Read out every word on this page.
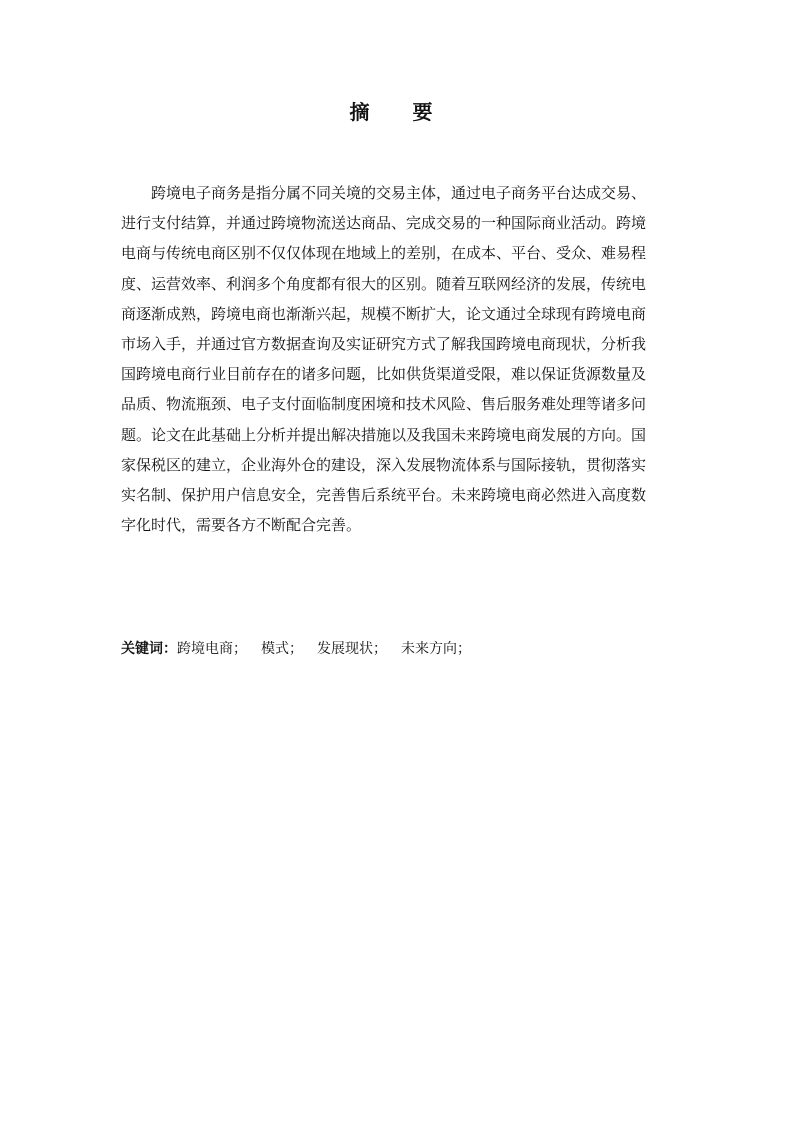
摘 要
跨境电子商务是指分属不同关境的交易主体，通过电子商务平台达成交易、
进行支付结算，并通过跨境物流送达商品、完成交易的一种国际商业活动。跨境
电商与传统电商区别不仅仅体现在地域上的差别，在成本、平台、受众、难易程
度、运营效率、利润多个角度都有很大的区别。随着互联网经济的发展，传统电
商逐渐成熟，跨境电商也渐渐兴起，规模不断扩大，论文通过全球现有跨境电商
市场入手，并通过官方数据查询及实证研究方式了解我国跨境电商现状，分析我
国跨境电商行业目前存在的诸多问题，比如供货渠道受限，难以保证货源数量及
品质、物流瓶颈、电子支付面临制度困境和技术风险、售后服务难处理等诸多问
题。论文在此基础上分析并提出解决措施以及我国未来跨境电商发展的方向。国
家保税区的建立，企业海外仓的建设，深入发展物流体系与国际接轨，贯彻落实
实名制、保护用户信息安全，完善售后系统平台。未来跨境电商必然进入高度数
字化时代，需要各方不断配合完善。
关键词：跨境电商； 模式； 发展现状； 未来方向；
